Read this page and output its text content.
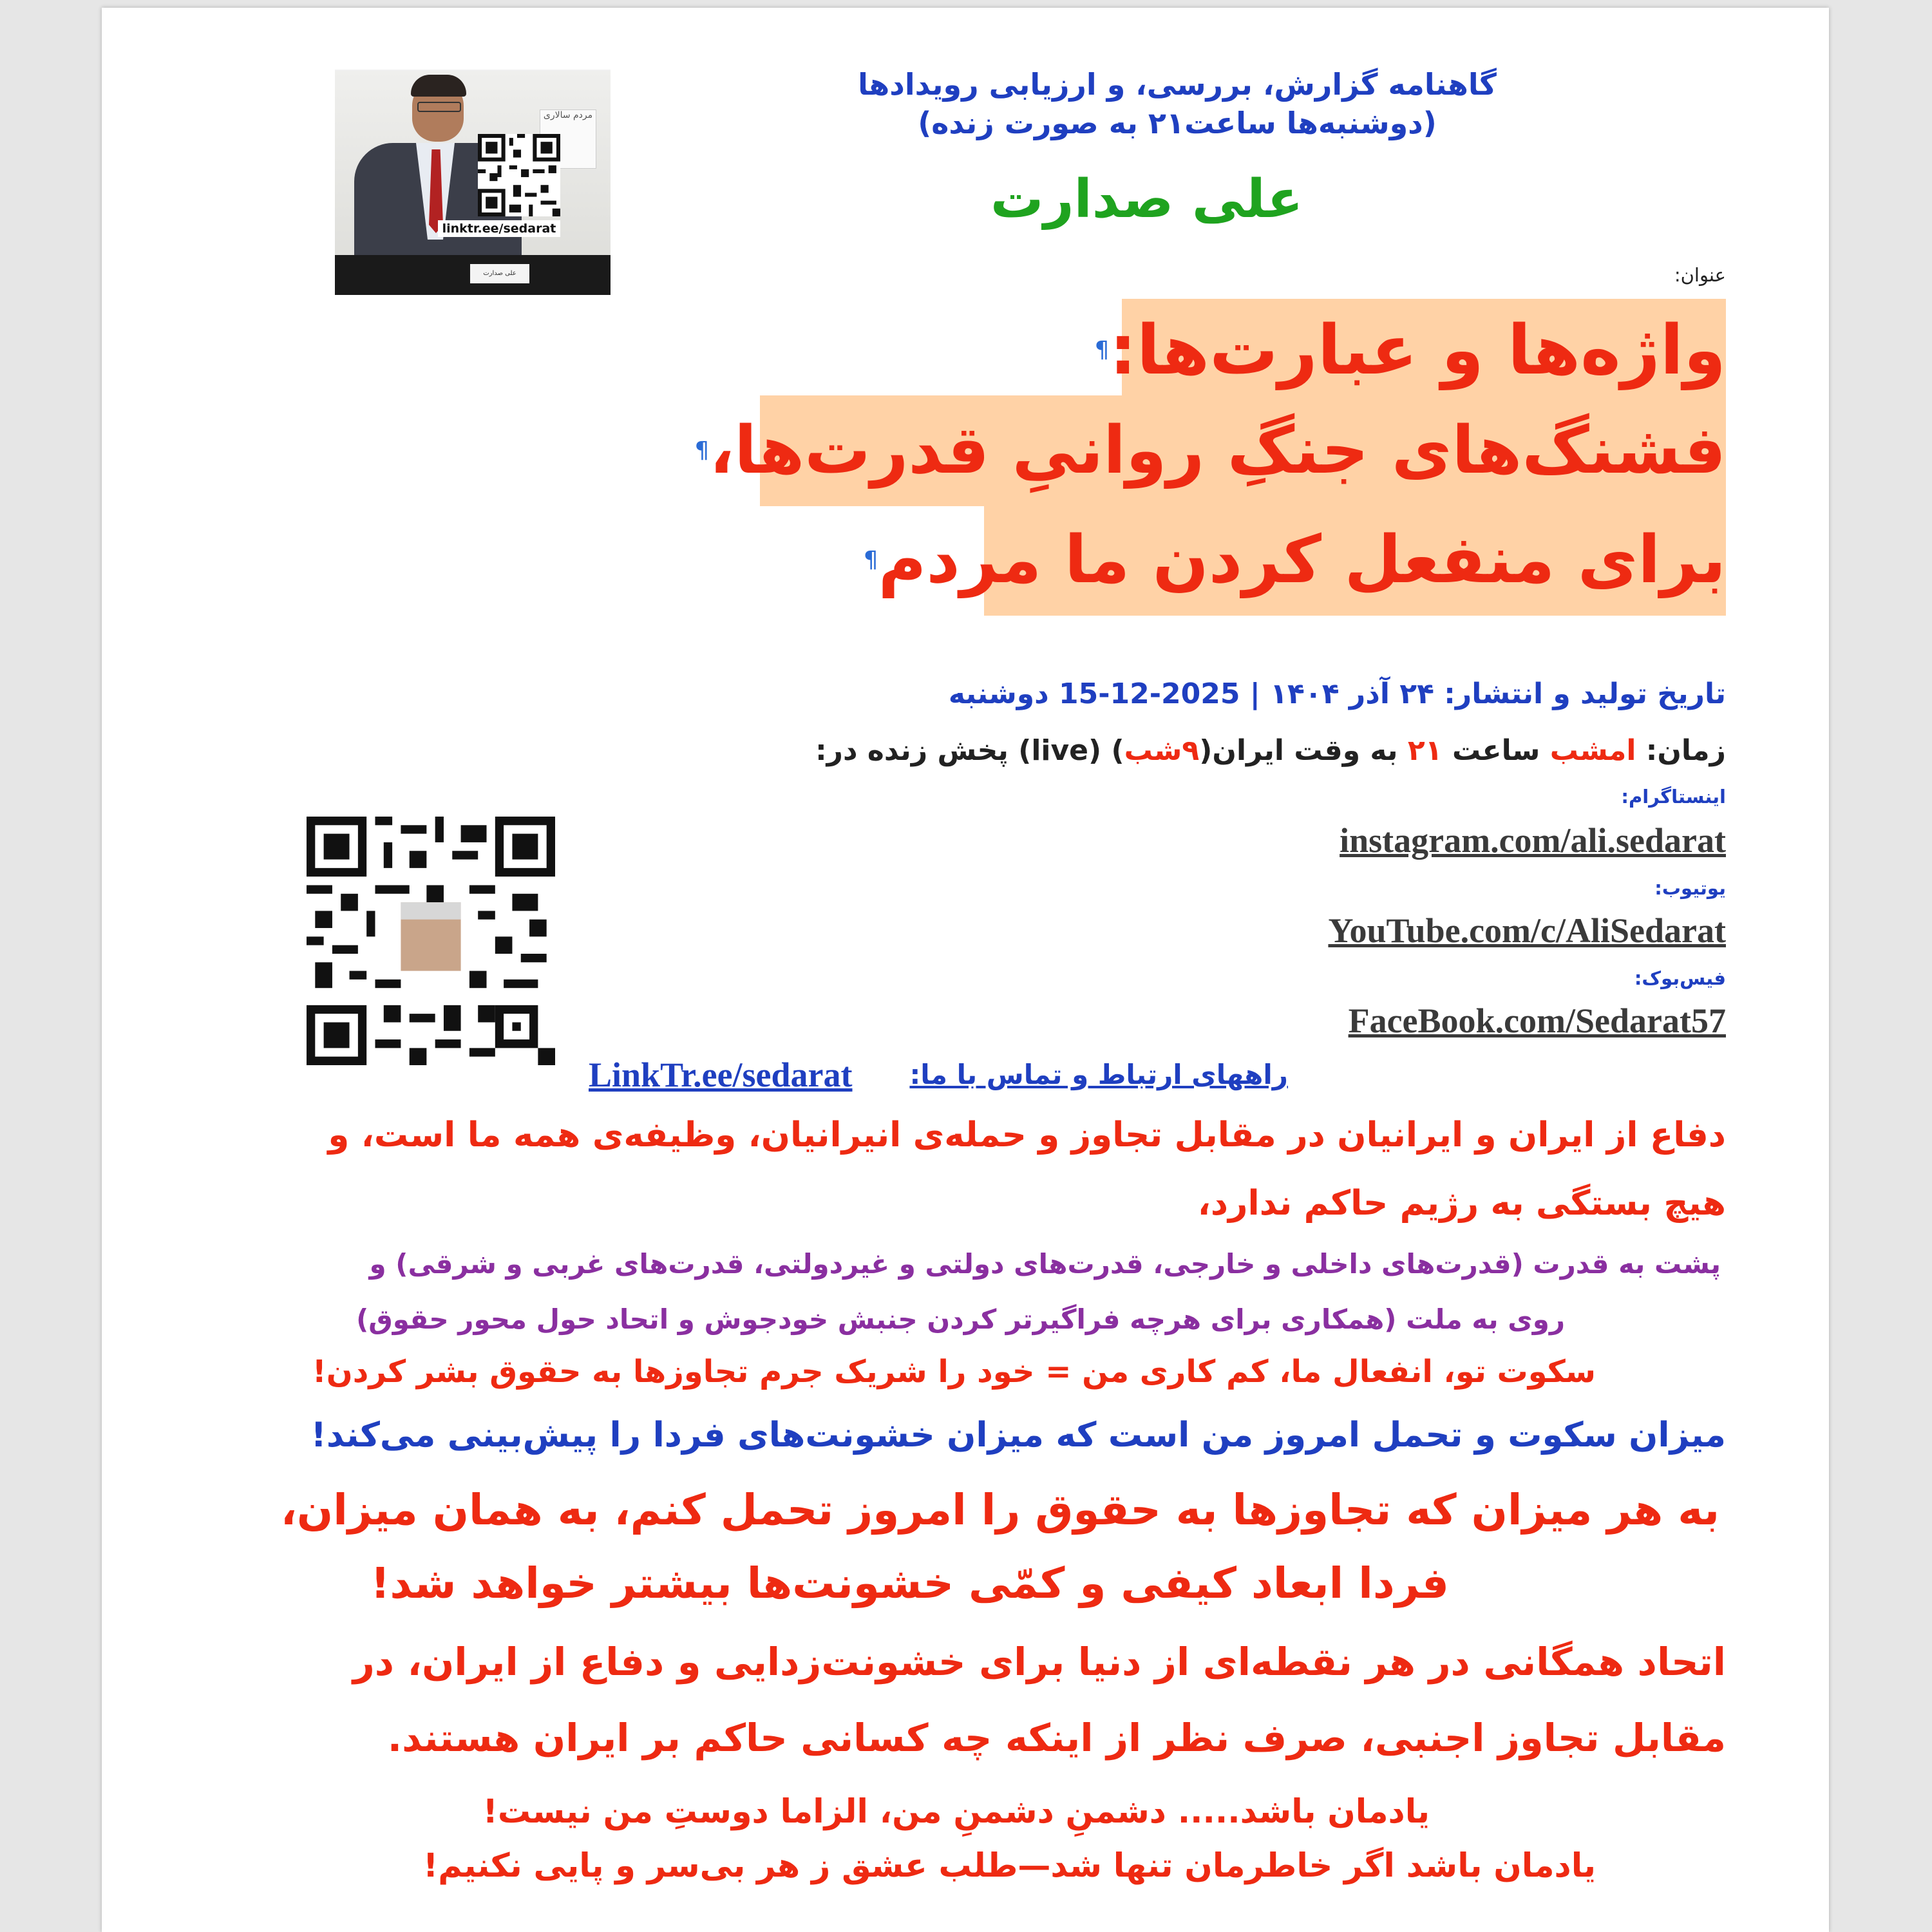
مردم سالاری
linktr.ee/sedarat
علی صدارت
گاهنامه گزارش، بررسی، و ارزیابی رویدادها
(دوشنبه‌ها ساعت۲۱ به صورت زنده)
علی صدارت
عنوان:
واژه‌ها و عبارت‌ها:¶
فشنگ‌های جنگِ روانیِ قدرت‌ها،¶
برای منفعل کردن ما مردم¶
تاریخ تولید و انتشار: ۲۴ آذر ۱۴۰۴ | 2025-12-15 دوشنبه
زمان: امشب ساعت ۲۱ به وقت ایران(۹شب) (live) پخش زنده در:
اینستاگرام:
instagram.com/ali.sedarat
یوتیوب:
YouTube.com/c/AliSedarat
فیس‌بوک:
FaceBook.com/Sedarat57
راههای ارتباط و تماس با ما:
LinkTr.ee/sedarat
دفاع از ایران و ایرانیان در مقابل تجاوز و حمله‌ی انیرانیان، وظیفه‌ی همه ما است، و
هیچ بستگی به رژیم حاکم ندارد،
پشت به قدرت (قدرت‌های داخلی و خارجی، قدرت‌های دولتی و غیردولتی، قدرت‌های غربی و شرقی) و
روی به ملت (همکاری برای هرچه فراگیرتر کردن جنبش خودجوش و اتحاد حول محور حقوق)
سکوت تو، انفعال ما، کم کاری من = خود را شریک جرم تجاوزها به حقوق بشر کردن!
میزان سکوت و تحمل امروز من است که میزان خشونت‌های فردا را پیش‌بینی می‌کند!
به هر میزان که تجاوزها به حقوق را امروز تحمل کنم، به همان میزان،
فردا ابعاد کیفی و کمّی خشونت‌ها بیشتر خواهد شد!
اتحاد همگانی در هر نقطه‌ای از دنیا برای خشونت‌زدایی و دفاع از ایران، در
مقابل تجاوز اجنبی، صرف نظر از اینکه چه کسانی حاکم بر ایران هستند.
یادمان باشد..... دشمنِ دشمنِ من، الزاما دوستِ من نیست!
یادمان باشد اگر خاطرمان تنها شد—طلب عشق ز هر بی‌سر و پایی نکنیم!
